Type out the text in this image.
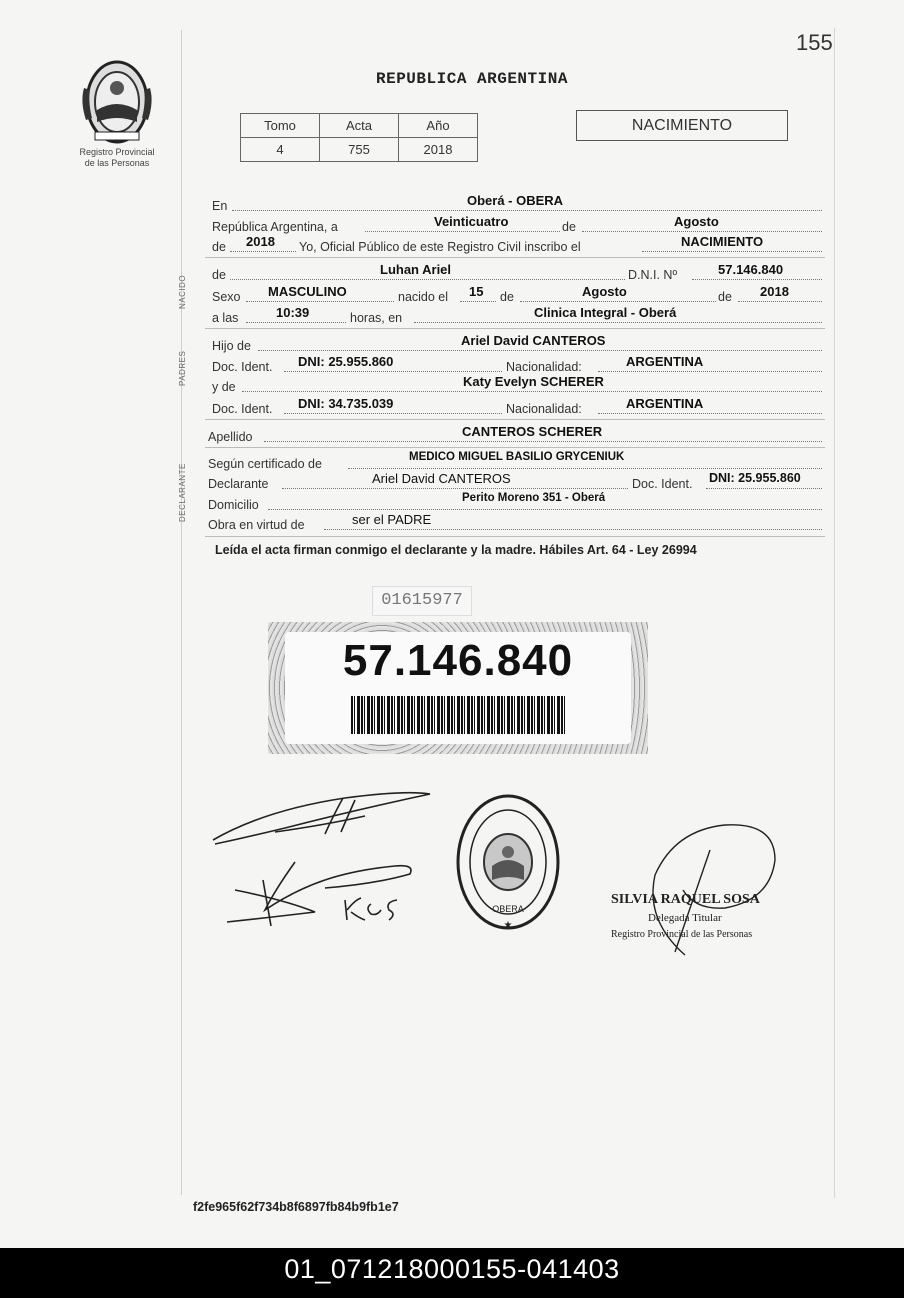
155
Registro Provincial
de las Personas
REPUBLICA ARGENTINA
Tomo	Acta	Año
4	755	2018
NACIMIENTO
En	Oberá - OBERA
República Argentina, a	Veinticuatro	de	Agosto
de 2018 Yo, Oficial Público de este Registro Civil inscribo el	NACIMIENTO
NACIDO	de	Luhan Ariel	D.N.I. Nº	57.146.840
Sexo MASCULINO	nacido el 15 de	Agosto	de 2018
a las	10:39	horas, en	Clinica Integral - Oberá
PADRES
Hijo de	Ariel David CANTEROS
Doc. Ident. DNI: 25.955.860	Nacionalidad:	ARGENTINA
y de	Katy Evelyn SCHERER
Doc. Ident. DNI: 34.735.039	Nacionalidad:	ARGENTINA
Apellido	CANTEROS SCHERER
DECLARANTE	Según certificado de	MEDICO MIGUEL BASILIO GRYCENIUK
Declarante	Ariel David CANTEROS	Doc. Ident. DNI: 25.955.860
Domicilio	Perito Moreno 351 - Oberá
Obra en virtud de	ser el PADRE
Leída el acta firman conmigo el declarante y la madre. Hábiles Art. 64 - Ley 26994
01615977
57.146.840
OBERA
★
SILVIA RAQUEL SOSA
Delegada Titular
Registro Provincial de las Personas
f2fe965f62f734b8f6897fb84b9fb1e7
01_071218000155-041403
